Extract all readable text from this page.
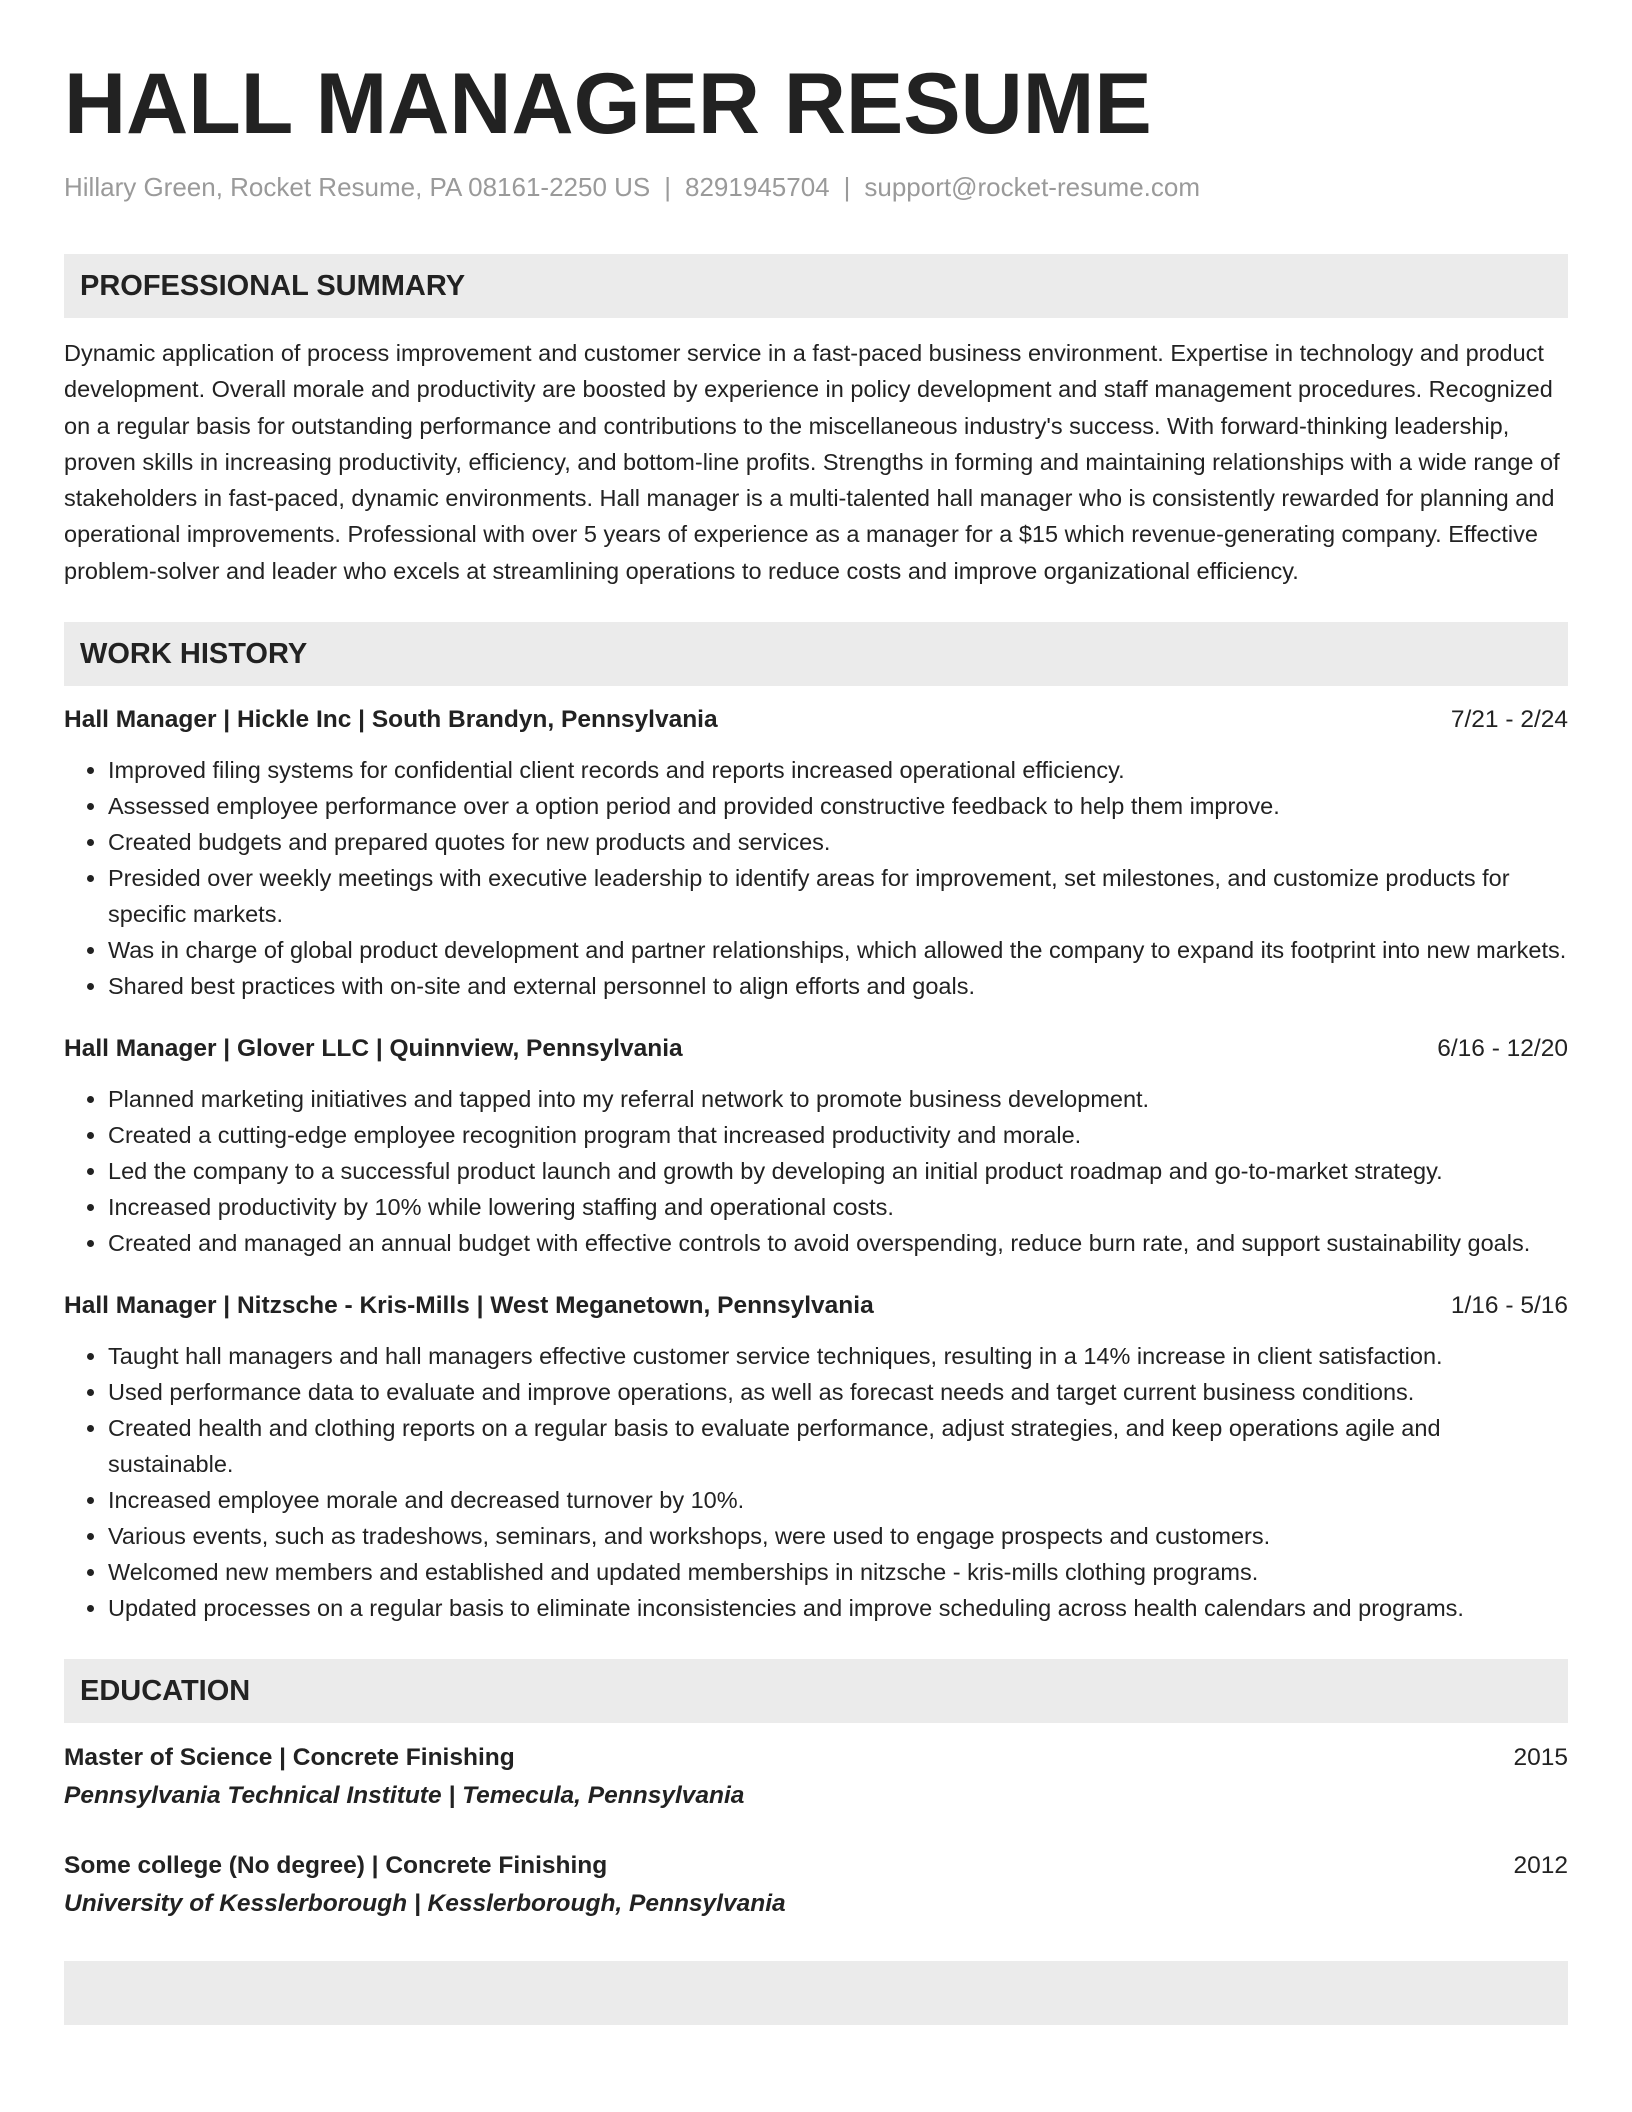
HALL MANAGER RESUME
Hillary Green, Rocket Resume, PA 08161-2250 US | 8291945704 | support@rocket-resume.com
PROFESSIONAL SUMMARY
Dynamic application of process improvement and customer service in a fast-paced business environment. Expertise in technology and product development. Overall morale and productivity are boosted by experience in policy development and staff management procedures. Recognized on a regular basis for outstanding performance and contributions to the miscellaneous industry's success. With forward-thinking leadership, proven skills in increasing productivity, efficiency, and bottom-line profits. Strengths in forming and maintaining relationships with a wide range of stakeholders in fast-paced, dynamic environments. Hall manager is a multi-talented hall manager who is consistently rewarded for planning and operational improvements. Professional with over 5 years of experience as a manager for a $15 which revenue-generating company. Effective problem-solver and leader who excels at streamlining operations to reduce costs and improve organizational efficiency.
WORK HISTORY
Hall Manager | Hickle Inc | South Brandyn, Pennsylvania	7/21 - 2/24
• Improved filing systems for confidential client records and reports increased operational efficiency.
• Assessed employee performance over a option period and provided constructive feedback to help them improve.
• Created budgets and prepared quotes for new products and services.
• Presided over weekly meetings with executive leadership to identify areas for improvement, set milestones, and customize products for specific markets.
• Was in charge of global product development and partner relationships, which allowed the company to expand its footprint into new markets.
• Shared best practices with on-site and external personnel to align efforts and goals.
Hall Manager | Glover LLC | Quinnview, Pennsylvania	6/16 - 12/20
• Planned marketing initiatives and tapped into my referral network to promote business development.
• Created a cutting-edge employee recognition program that increased productivity and morale.
• Led the company to a successful product launch and growth by developing an initial product roadmap and go-to-market strategy.
• Increased productivity by 10% while lowering staffing and operational costs.
• Created and managed an annual budget with effective controls to avoid overspending, reduce burn rate, and support sustainability goals.
Hall Manager | Nitzsche - Kris-Mills | West Meganetown, Pennsylvania	1/16 - 5/16
• Taught hall managers and hall managers effective customer service techniques, resulting in a 14% increase in client satisfaction.
• Used performance data to evaluate and improve operations, as well as forecast needs and target current business conditions.
• Created health and clothing reports on a regular basis to evaluate performance, adjust strategies, and keep operations agile and sustainable.
• Increased employee morale and decreased turnover by 10%.
• Various events, such as tradeshows, seminars, and workshops, were used to engage prospects and customers.
• Welcomed new members and established and updated memberships in nitzsche - kris-mills clothing programs.
• Updated processes on a regular basis to eliminate inconsistencies and improve scheduling across health calendars and programs.
EDUCATION
Master of Science | Concrete Finishing	2015
Pennsylvania Technical Institute | Temecula, Pennsylvania
Some college (No degree) | Concrete Finishing	2012
University of Kesslerborough | Kesslerborough, Pennsylvania
